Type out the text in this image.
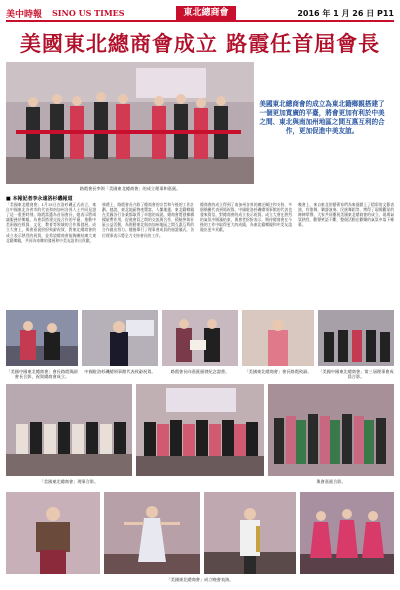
美中時報 SINO US TIMES	東北總商會	2016 年 1 月 26 日 P11
美國東北總商會成立 路霞任首屆會長
路霞會長率領「美國東北總商會」的成立理事和嘉賓。
美國東北總商會的成立為東北籍鄉親搭建了一個更加寬廣的平臺，將會更加有利於中美之間、東北與南加州地區之間互惠互利的合作，更加促進中美友誼。
■ 本報記者李永遠洛杉磯報道
「美國東北總商會」1月15日在洛杉磯正式成立，來自中國東北各省市的代表和南加州各界人士共同見證了這一重要時刻。路霞當選為首屆會長，她表示將竭誠服務於鄉親，為會員搭建交流合作的平臺，推動中美兩國在經貿、文化、教育等領域的合作與發展。成立大會上，與會嘉賓紛紛致辭祝賀，對東北總商會的成立表示熱烈的祝賀，並希望總商會能夠團結廣大東北籍鄉親，共同為家鄉的發展和中美友誼作出貢獻。
典禮上，路霞會長介紹了總商會的宗旨和今後的工作計劃。她說，東北地區物產豐富，人傑地靈，東北籍鄉親在美國各行各業都取得了卓越的成就。總商會將發揮橋樑紐帶作用，促進會員之間的交流與合作，積極參與社區公益活動，為推動東北與南加州地區之間互惠互利的合作做出努力。隨後舉行了理事會成員的頒證儀式，各位理事表示將全力支持會長的工作。
總商會的成立得到了南加州各界的廣泛關注和支持，多個僑團代表到場祝賀。中國駐洛杉磯總領事館的代表也發來賀信，對總商會的成立表示祝賀。成立大會在熱烈的氣氛中圓滿結束，與會者紛紛表示，期待總商會在今後的工作中取得更大的成績，為東北籍鄉親和中美友誼做出更多貢獻。
晚會上，來自東北的藝術家們為來賓獻上了精彩的文藝表演，有歌舞、樂器演奏、民族舞蹈等，博得了現場觀眾的陣陣掌聲。大家共同慶祝美國東北總商會的成立，現場氣氛熱烈，歡聲笑語不斷，整個活動在歡樂的氣氛中落下帷幕。
「美國中國東北總商會」會長路霞與副會長合影，祝賀總商會成立。
中國駐洛杉磯總領事館代表致辭祝賀。	路霞會長向嘉賓頒發紀念證書。	「美國東北總商會」會長路霞致辭。	「美國中國東北總商會」第三屆理事會成員合影。
「美國東北總商會」理事合影。	與會嘉賓合影。
「美國東北總商會」成立晚會表演。
